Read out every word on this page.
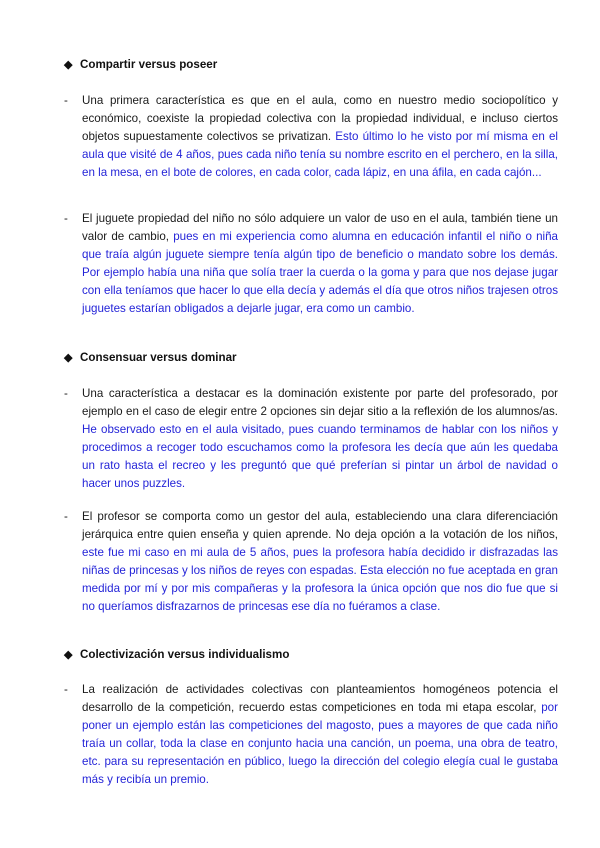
◆ Compartir versus poseer
- Una primera característica es que en el aula, como en nuestro medio sociopolítico y económico, coexiste la propiedad colectiva con la propiedad individual, e incluso ciertos objetos supuestamente colectivos se privatizan. Esto último lo he visto por mí misma en el aula que visité de 4 años, pues cada niño tenía su nombre escrito en el perchero, en la silla, en la mesa, en el bote de colores, en cada color, cada lápiz, en una áfila, en cada cajón...
- El juguete propiedad del niño no sólo adquiere un valor de uso en el aula, también tiene un valor de cambio, pues en mi experiencia como alumna en educación infantil el niño o niña que traía algún juguete siempre tenía algún tipo de beneficio o mandato sobre los demás. Por ejemplo había una niña que solía traer la cuerda o la goma y para que nos dejase jugar con ella teníamos que hacer lo que ella decía y además el día que otros niños trajesen otros juguetes estarían obligados a dejarle jugar, era como un cambio.
◆ Consensuar versus dominar
- Una característica a destacar es la dominación existente por parte del profesorado, por ejemplo en el caso de elegir entre 2 opciones sin dejar sitio a la reflexión de los alumnos/as. He observado esto en el aula visitado, pues cuando terminamos de hablar con los niños y procedimos a recoger todo escuchamos como la profesora les decía que aún les quedaba un rato hasta el recreo y les preguntó que qué preferían si pintar un árbol de navidad o hacer unos puzzles.
- El profesor se comporta como un gestor del aula, estableciendo una clara diferenciación jerárquica entre quien enseña y quien aprende. No deja opción a la votación de los niños, este fue mi caso en mi aula de 5 años, pues la profesora había decidido ir disfrazadas las niñas de princesas y los niños de reyes con espadas. Esta elección no fue aceptada en gran medida por mí y por mis compañeras y la profesora la única opción que nos dio fue que si no queríamos disfrazarnos de princesas ese día no fuéramos a clase.
◆ Colectivización versus individualismo
- La realización de actividades colectivas con planteamientos homogéneos potencia el desarrollo de la competición, recuerdo estas competiciones en toda mi etapa escolar, por poner un ejemplo están las competiciones del magosto, pues a mayores de que cada niño traía un collar, toda la clase en conjunto hacia una canción, un poema, una obra de teatro, etc. para su representación en público, luego la dirección del colegio elegía cual le gustaba más y recibía un premio.
